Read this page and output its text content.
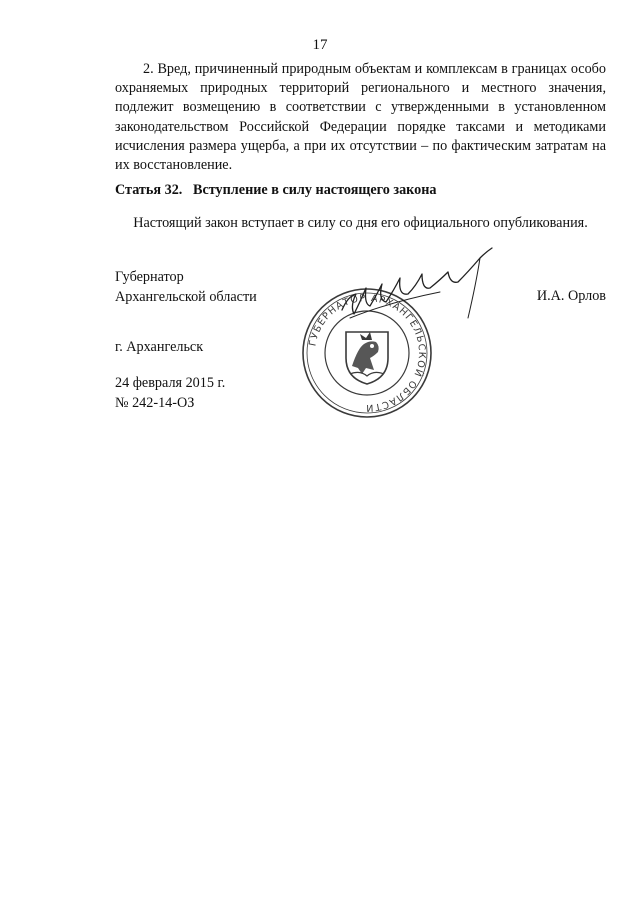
17

2. Вред, причиненный природным объектам и комплексам в границах особо охраняемых природных территорий регионального и местного значения, подлежит возмещению в соответствии с утвержденными в установленном законодательством Российской Федерации порядке таксами и методиками исчисления размера ущерба, а при их отсутствии – по фактическим затратам на их восстановление.

Статья 32.   Вступление в силу настоящего закона

Настоящий закон вступает в силу со дня его официального опубликования.

Губернатор
Архангельской области	И.А. Орлов
ГУБЕРНАТОР АРХАНГЕЛЬСКОЙ ОБЛАСТИ
г. Архангельск
24 февраля 2015 г.
№ 242-14-ОЗ
